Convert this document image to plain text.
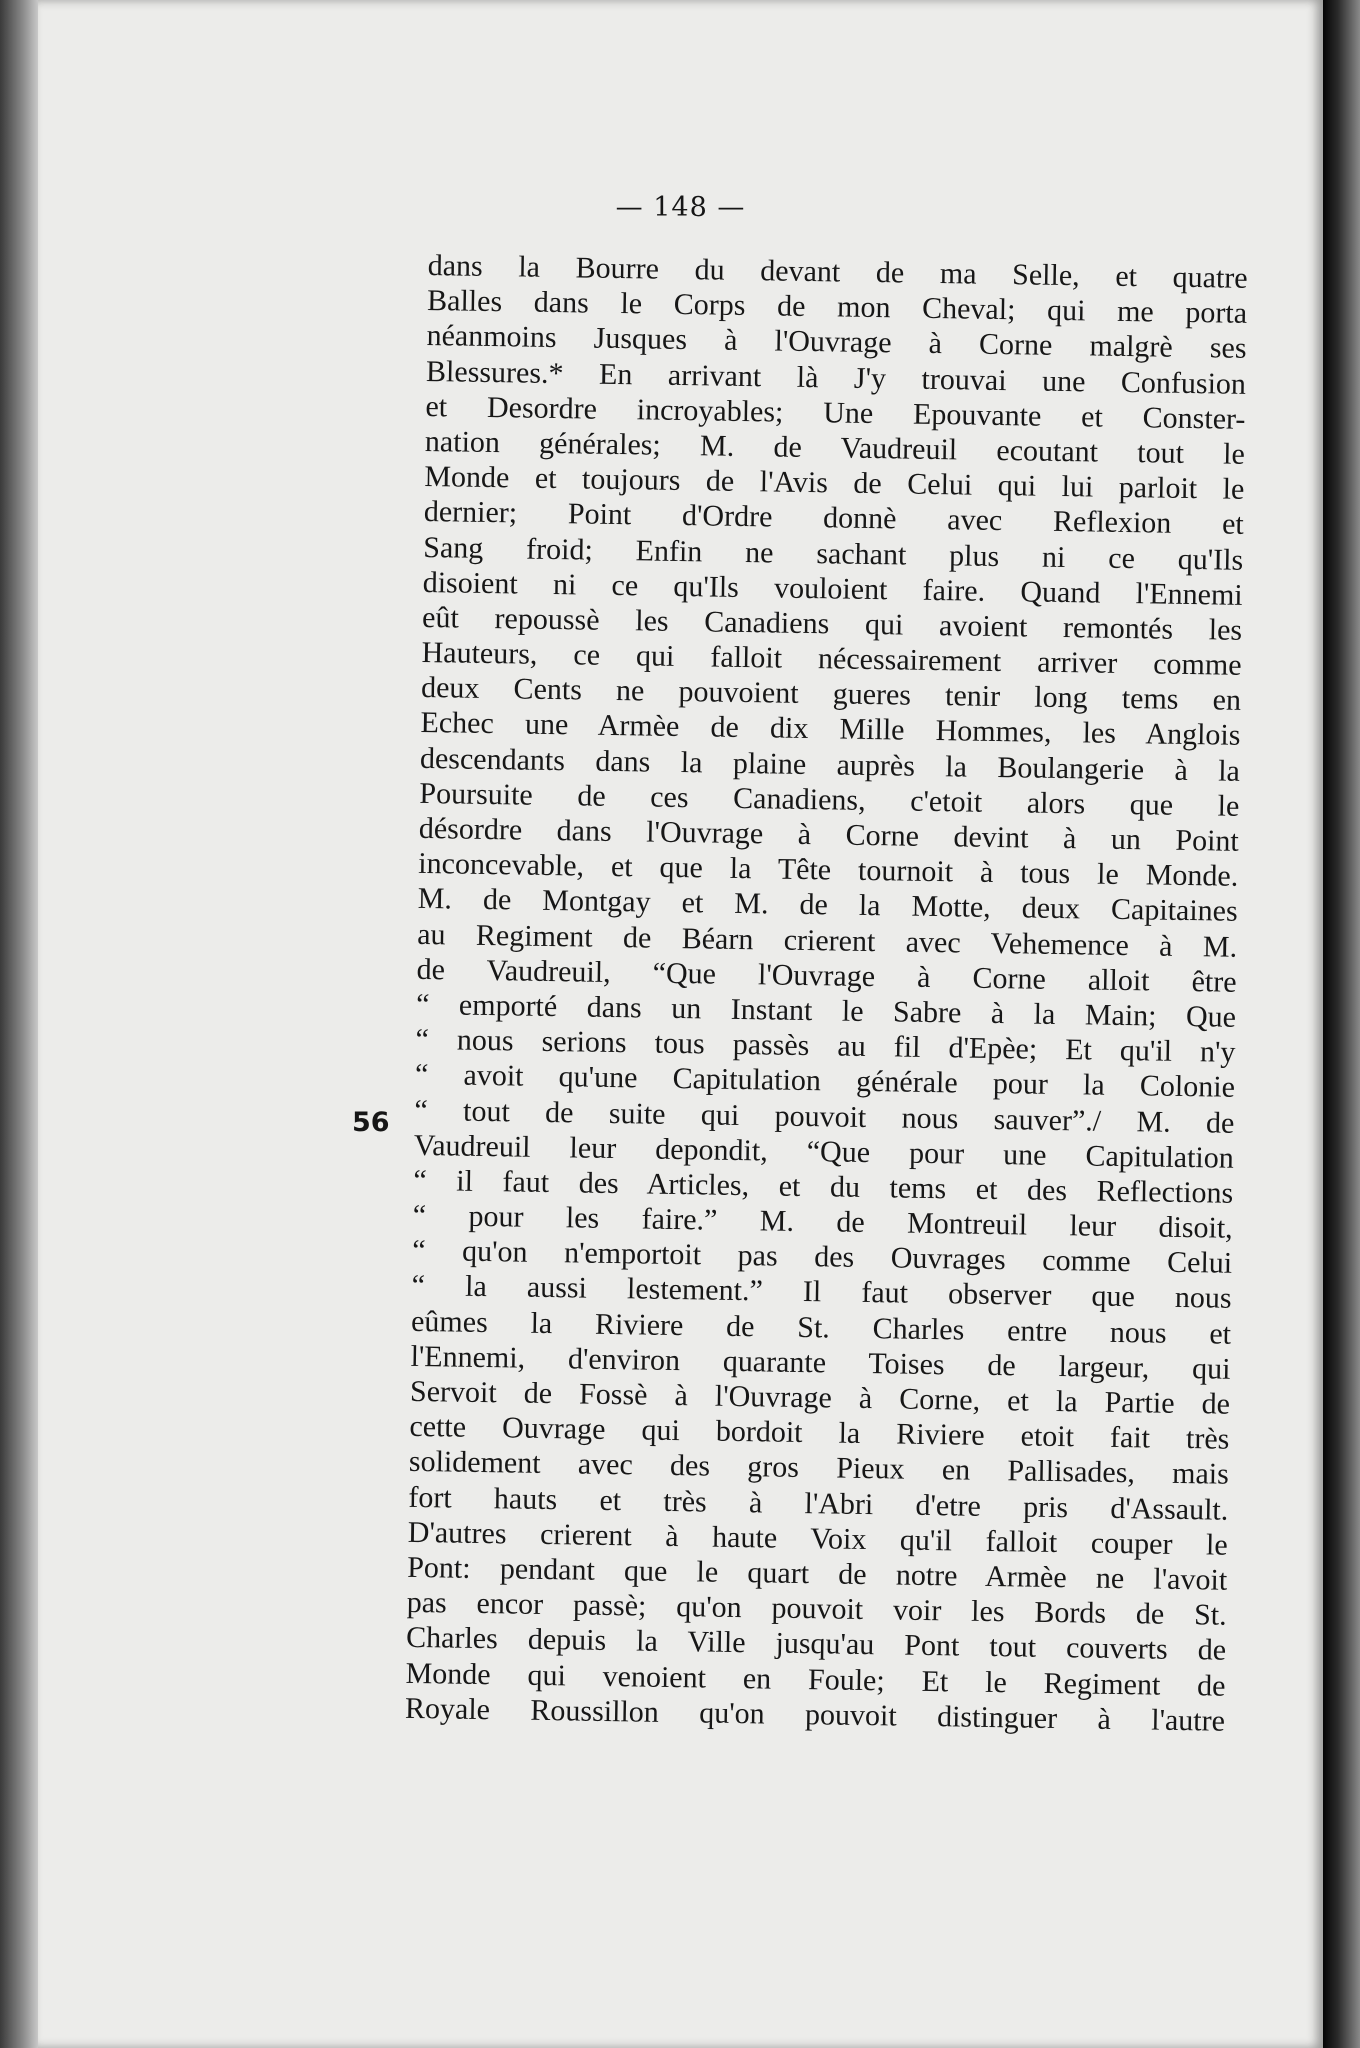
— 148 —
dans la Bourre du devant de ma Selle, et quatre
Balles dans le Corps de mon Cheval; qui me porta
néanmoins Jusques à l'Ouvrage à Corne malgrè ses
Blessures.* En arrivant là J'y trouvai une Confusion
et Desordre incroyables; Une Epouvante et Conster-
nation générales; M. de Vaudreuil ecoutant tout le
Monde et toujours de l'Avis de Celui qui lui parloit le
dernier; Point d'Ordre donnè avec Reflexion et
Sang froid; Enfin ne sachant plus ni ce qu'Ils
disoient ni ce qu'Ils vouloient faire. Quand l'Ennemi
eût repoussè les Canadiens qui avoient remontés les
Hauteurs, ce qui falloit nécessairement arriver comme
deux Cents ne pouvoient gueres tenir long tems en
Echec une Armèe de dix Mille Hommes, les Anglois
descendants dans la plaine auprès la Boulangerie à la
Poursuite de ces Canadiens, c'etoit alors que le
désordre dans l'Ouvrage à Corne devint à un Point
inconcevable, et que la Tête tournoit à tous le Monde.
M. de Montgay et M. de la Motte, deux Capitaines
au Regiment de Béarn crierent avec Vehemence à M.
de Vaudreuil, “Que l'Ouvrage à Corne alloit être
“ emporté dans un Instant le Sabre à la Main; Que
“ nous serions tous passès au fil d'Epèe; Et qu'il n'y
“ avoit qu'une Capitulation générale pour la Colonie
“ tout de suite qui pouvoit nous sauver”./ M. de
Vaudreuil leur depondit, “Que pour une Capitulation
“ il faut des Articles, et du tems et des Reflections
“ pour les faire.” M. de Montreuil leur disoit,
“ qu'on n'emportoit pas des Ouvrages comme Celui
“ la aussi lestement.” Il faut observer que nous
eûmes la Riviere de St. Charles entre nous et
l'Ennemi, d'environ quarante Toises de largeur, qui
Servoit de Fossè à l'Ouvrage à Corne, et la Partie de
cette Ouvrage qui bordoit la Riviere etoit fait très
solidement avec des gros Pieux en Pallisades, mais
fort hauts et très à l'Abri d'etre pris d'Assault.
D'autres crierent à haute Voix qu'il falloit couper le
Pont: pendant que le quart de notre Armèe ne l'avoit
pas encor passè; qu'on pouvoit voir les Bords de St.
Charles depuis la Ville jusqu'au Pont tout couverts de
Monde qui venoient en Foule; Et le Regiment de
Royale Roussillon qu'on pouvoit distinguer à l'autre
56
